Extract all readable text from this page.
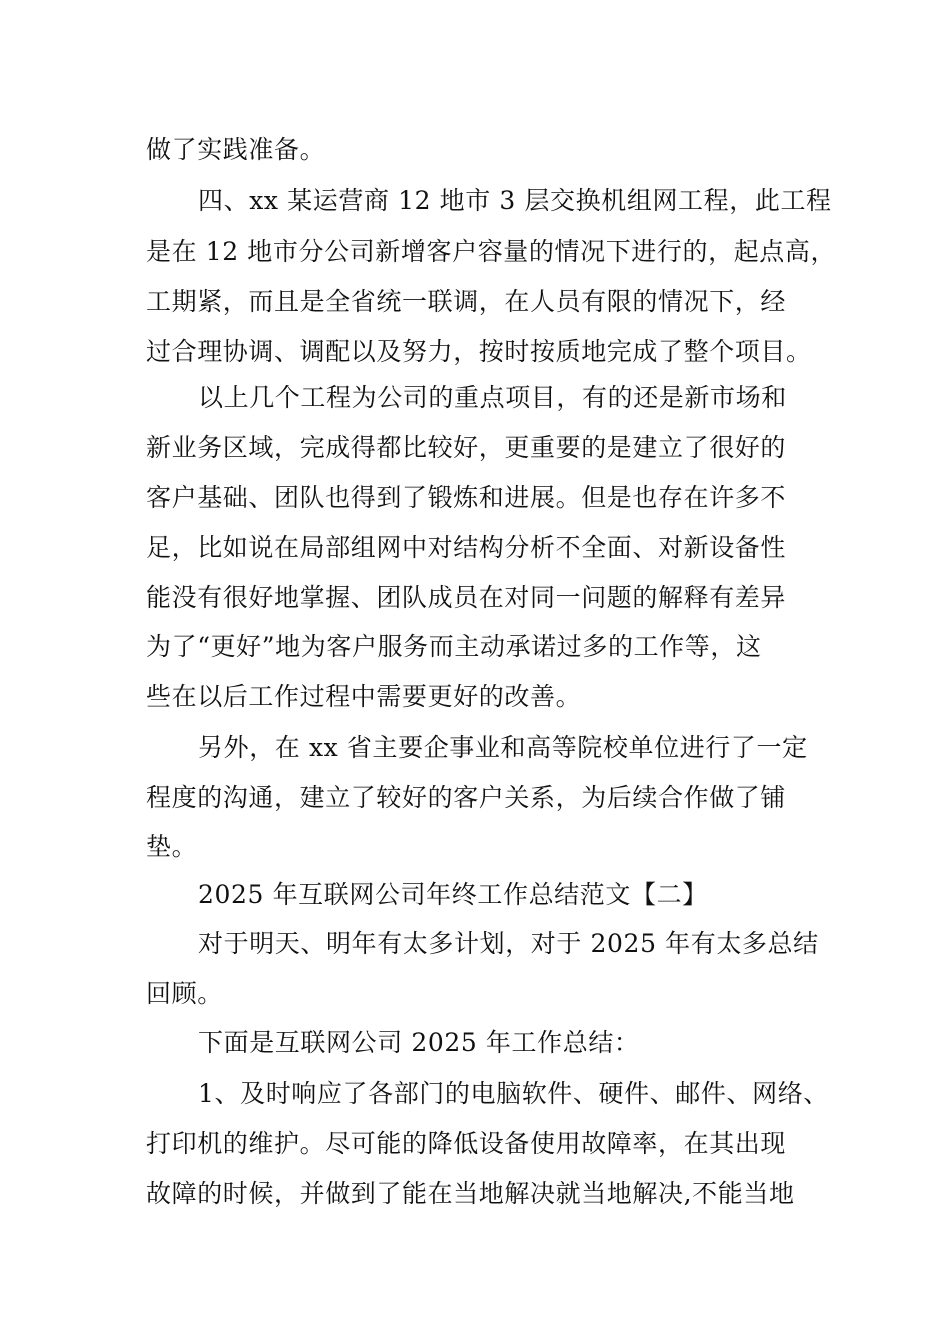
做了实践准备。
四、xx 某运营商 12 地市 3 层交换机组网工程，此工程
是在 12 地市分公司新增客户容量的情况下进行的，起点高，
工期紧，而且是全省统一联调，在人员有限的情况下，经
过合理协调、调配以及努力，按时按质地完成了整个项目。
以上几个工程为公司的重点项目，有的还是新市场和
新业务区域，完成得都比较好，更重要的是建立了很好的
客户基础、团队也得到了锻炼和进展。但是也存在许多不
足，比如说在局部组网中对结构分析不全面、对新设备性
能没有很好地掌握、团队成员在对同一问题的解释有差异
为了“更好”地为客户服务而主动承诺过多的工作等，这
些在以后工作过程中需要更好的改善。
另外，在 xx 省主要企事业和高等院校单位进行了一定
程度的沟通，建立了较好的客户关系，为后续合作做了铺
垫。
2025 年互联网公司年终工作总结范文【二】
对于明天、明年有太多计划，对于 2025 年有太多总结
回顾。
下面是互联网公司 2025 年工作总结：
1、及时响应了各部门的电脑软件、硬件、邮件、网络、
打印机的维护。尽可能的降低设备使用故障率，在其出现
故障的时候，并做到了能在当地解决就当地解决,不能当地
